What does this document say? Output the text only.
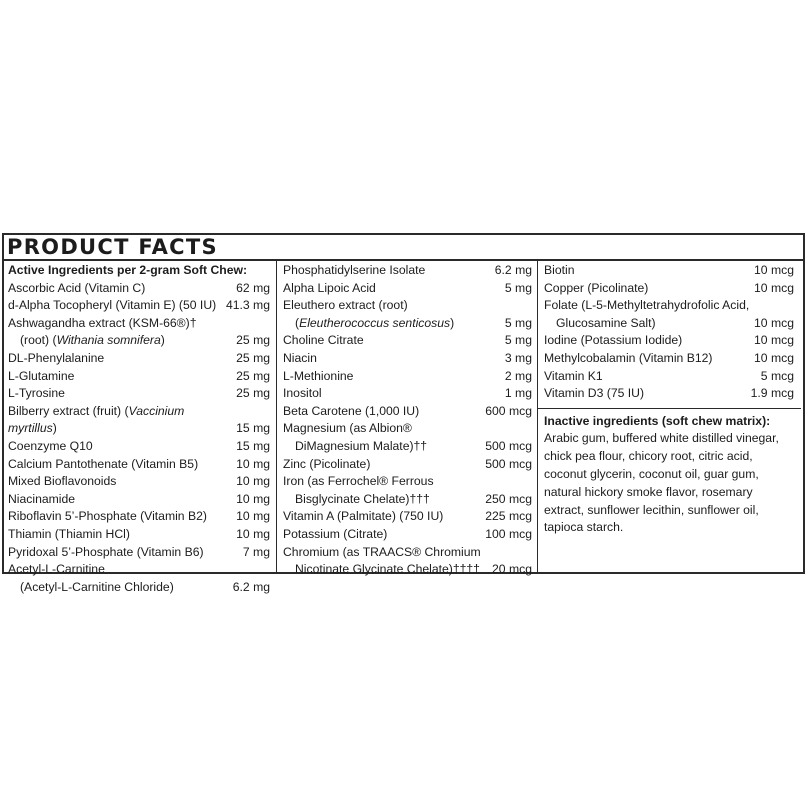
PRODUCT FACTS
Active Ingredients per 2-gram Soft Chew:
Ascorbic Acid (Vitamin C)	62 mg
d-Alpha Tocopheryl (Vitamin E) (50 IU) 41.3 mg
Ashwagandha extract (KSM-66®)†
(root) (Withania somnifera)	25 mg
DL-Phenylalanine	25 mg
L-Glutamine	25 mg
L-Tyrosine	25 mg
Bilberry extract (fruit) (Vaccinium myrtillus)	15 mg
Coenzyme Q10	15 mg
Calcium Pantothenate (Vitamin B5)	10 mg
Mixed Bioflavonoids	10 mg
Niacinamide	10 mg
Riboflavin 5’-Phosphate (Vitamin B2)	10 mg
Thiamin (Thiamin HCl)	10 mg
Pyridoxal 5’-Phosphate (Vitamin B6)	7 mg
Acetyl-L-Carnitine
(Acetyl-L-Carnitine Chloride)	6.2 mg
Phosphatidylserine Isolate	6.2 mg
Alpha Lipoic Acid	5 mg
Eleuthero extract (root)
(Eleutherococcus senticosus)	5 mg
Choline Citrate	5 mg
Niacin	3 mg
L-Methionine	2 mg
Inositol	1 mg
Beta Carotene (1,000 IU)	600 mcg
Magnesium (as Albion®
DiMagnesium Malate)††	500 mcg
Zinc (Picolinate)	500 mcg
Iron (as Ferrochel® Ferrous
Bisglycinate Chelate)†††	250 mcg
Vitamin A (Palmitate) (750 IU)	225 mcg
Potassium (Citrate)	100 mcg
Chromium (as TRAACS® Chromium
Nicotinate Glycinate Chelate)†††† 20 mcg
Biotin	10 mcg
Copper (Picolinate)	10 mcg
Folate (L-5-Methyltetrahydrofolic Acid,
Glucosamine Salt)	10 mcg
Iodine (Potassium Iodide)	10 mcg
Methylcobalamin (Vitamin B12)	10 mcg
Vitamin K1	5 mcg
Vitamin D3 (75 IU)	1.9 mcg
Inactive ingredients (soft chew matrix):
Arabic gum, buffered white distilled vinegar, chick pea flour, chicory root, citric acid, coconut glycerin, coconut oil, guar gum, natural hickory smoke flavor, rosemary extract, sunflower lecithin, sunflower oil, tapioca starch.
